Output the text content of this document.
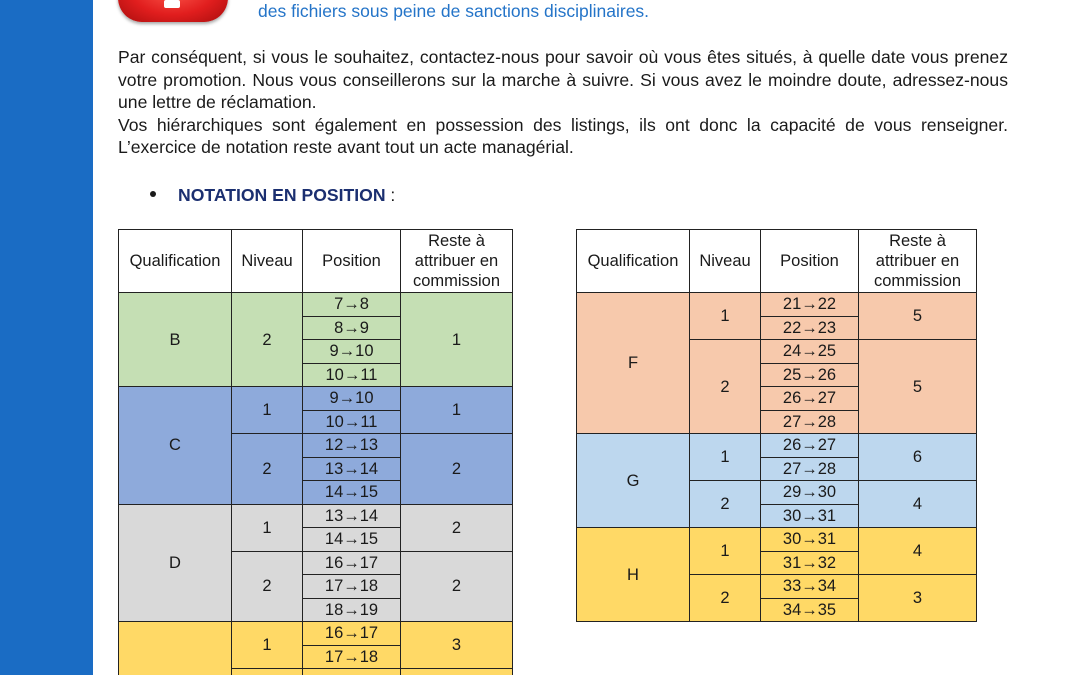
des fichiers sous peine de sanctions disciplinaires.

Par conséquent, si vous le souhaitez, contactez-nous pour savoir où vous êtes situés, à quelle date vous prenez votre promotion. Nous vous conseillerons sur la marche à suivre. Si vous avez le moindre doute, adressez-nous une lettre de réclamation.

Vos hiérarchiques sont également en possession des listings, ils ont donc la capacité de vous renseigner. L’exercice de notation reste avant tout un acte managérial.

NOTATION EN POSITION :
Qualification	Niveau	Position	Reste à attribuer en commission
B	2	7→8	1
		8→9	
		9→10	
		10→11	
C	1	9→10	1
		10→11	
	2	12→13	2
		13→14	
		14→15	
D	1	13→14	2
		14→15	
	2	16→17	2
		17→18	
		18→19	
	1	16→17	3
		17→18	

Qualification	Niveau	Position	Reste à attribuer en commission
F	1	21→22	5
		22→23	
	2	24→25	5
		25→26	
		26→27	
		27→28	
G	1	26→27	6
		27→28	
	2	29→30	4
		30→31	
H	1	30→31	4
		31→32	
	2	33→34	3
		34→35	
